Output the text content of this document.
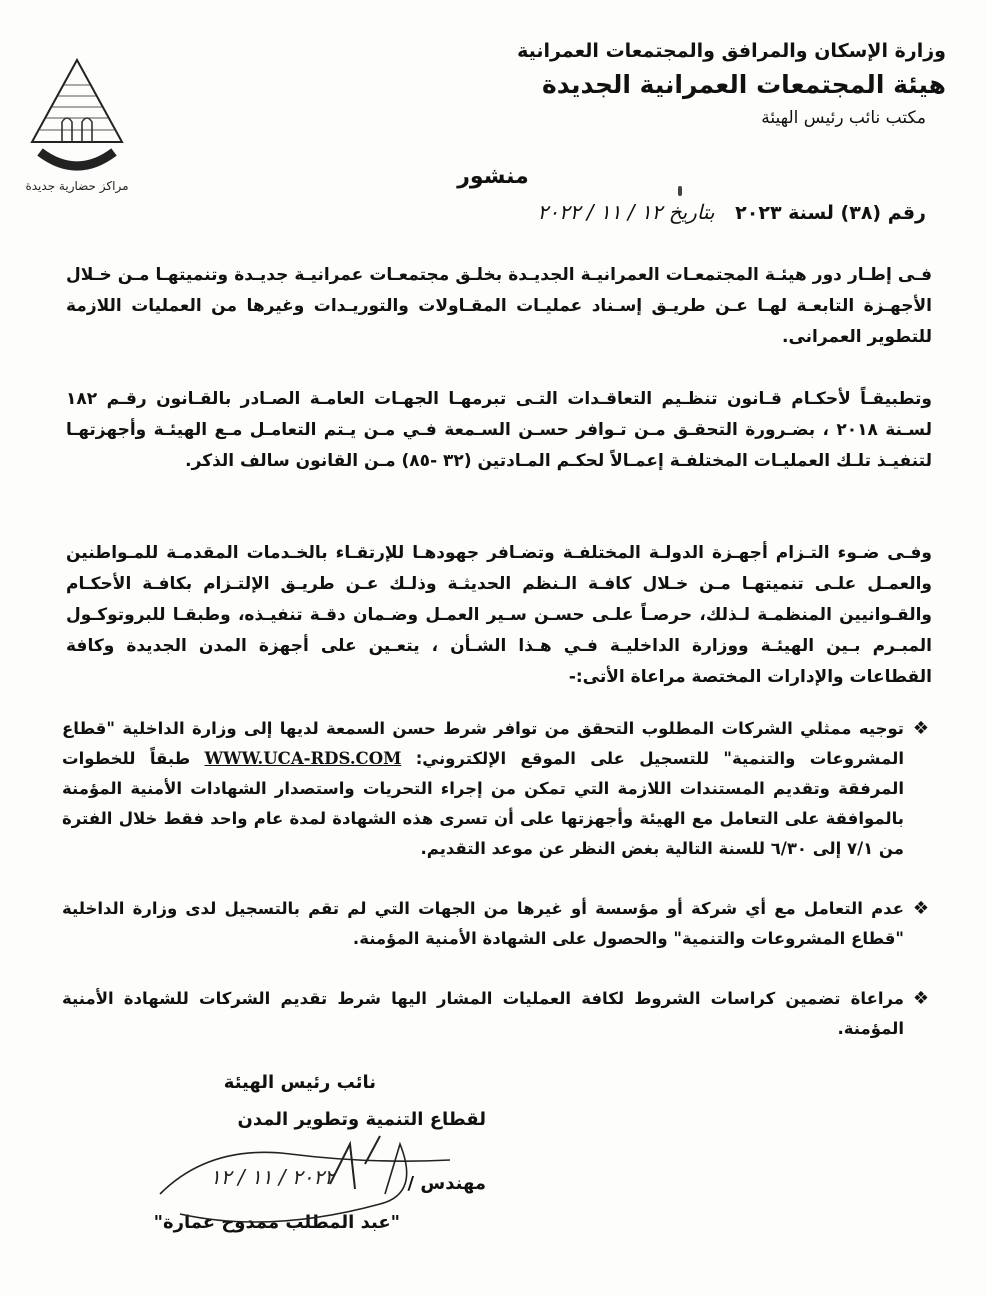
مراكز حضارية جديدة
وزارة الإسكان والمرافق والمجتمعات العمرانية
هيئة المجتمعات العمرانية الجديدة
مكتب نائب رئيس الهيئة
منشور
رقم (٣٨) لسنة ٢٠٢٣ بتاريخ ١٢ / ١١ / ٢٠٢٢
فـى إطـار دور هيئـة المجتمعـات العمرانيـة الجديـدة بخلـق مجتمعـات عمرانيـة جديـدة وتنميتهـا مـن خـلال الأجهـزة التابعـة لهـا عـن طريـق إسـناد عمليـات المقـاولات والتوريـدات وغيرها من العمليات اللازمة للتطوير العمرانى.
وتطبيقـاً لأحكـام قـانون تنظـيم التعاقـدات التـى تبرمهـا الجهـات العامـة الصـادر بالقـانون رقـم ١٨٢ لسـنة ٢٠١٨ ، بضـرورة التحقـق مـن تـوافر حسـن السـمعة فـي مـن يـتم التعامـل مـع الهيئـة وأجهزتهـا لتنفيـذ تلـك العمليـات المختلفـة إعمـالاً لحكـم المـادتين (٣٢ -٨٥) مـن القانون سالف الذكر.
وفـى ضـوء التـزام أجهـزة الدولـة المختلفـة وتضـافر جهودهـا للإرتقـاء بالخـدمات المقدمـة للمـواطنين والعمـل علـى تنميتهـا مـن خـلال كافـة الـنظم الحديثـة وذلـك عـن طريـق الإلتـزام بكافـة الأحكـام والقـوانيين المنظمـة لـذلك، حرصـاً علـى حسـن سـير العمـل وضـمان دقـة تنفيـذه، وطبقـا للبروتوكـول المبـرم بـين الهيئـة ووزارة الداخليـة فـي هـذا الشـأن ، يتعـين على أجهزة المدن الجديدة وكافة القطاعات والإدارات المختصة مراعاة الأتى:-
❖
توجيه ممثلي الشركات المطلوب التحقق من توافر شرط حسن السمعة لديها إلى وزارة الداخلية "قطاع المشروعات والتنمية" للتسجيل على الموقع الإلكتروني: WWW.UCA-RDS.COM طبقاً للخطوات المرفقة وتقديم المستندات اللازمة التي تمكن من إجراء التحريات واستصدار الشهادات الأمنية المؤمنة بالموافقة على التعامل مع الهيئة وأجهزتها على أن تسرى هذه الشهادة لمدة عام واحد فقط خلال الفترة من ٧/١ إلى ٦/٣٠ للسنة التالية بغض النظر عن موعد التقديم.
❖
عدم التعامل مع أي شركة أو مؤسسة أو غيرها من الجهات التي لم تقم بالتسجيل لدى وزارة الداخلية "قطاع المشروعات والتنمية" والحصول على الشهادة الأمنية المؤمنة.
❖
مراعاة تضمين كراسات الشروط لكافة العمليات المشار اليها شرط تقديم الشركات للشهادة الأمنية المؤمنة.
نائب رئيس الهيئة
لقطاع التنمية وتطوير المدن
مهندس /
"عبد المطلب ممدوح عمارة"
٢٠٢٢ / ١١ / ١٢
